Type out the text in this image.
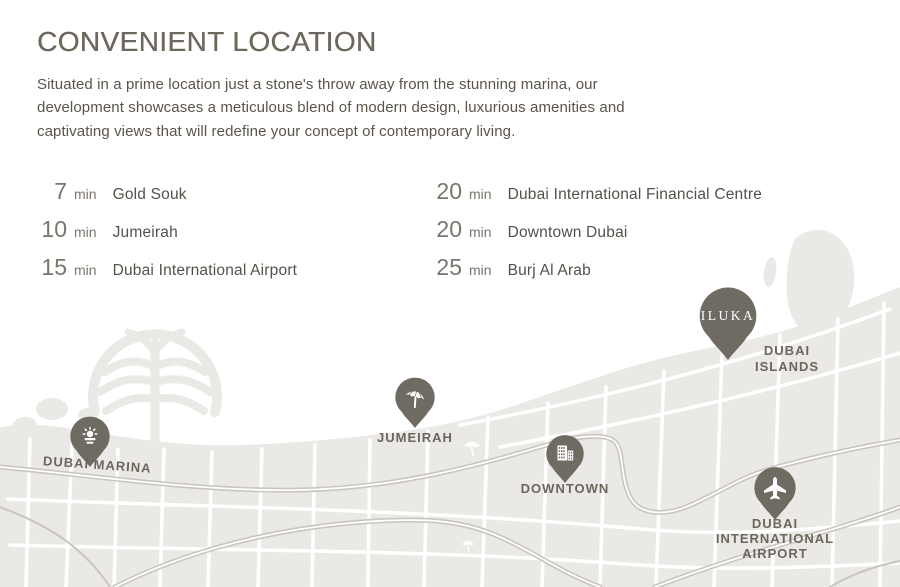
CONVENIENT LOCATION

Situated in a prime location just a stone's throw away from the stunning marina, our development showcases a meticulous blend of modern design, luxurious amenities and captivating views that will redefine your concept of contemporary living.

7 min Gold Souk
10 min Jumeirah
15 min Dubai International Airport
20 min Dubai International Financial Centre
20 min Downtown Dubai
25 min Burj Al Arab
ILUKA
DUBAI
ISLANDS
JUMEIRAH
DUBAI MARINA
DOWNTOWN
DUBAI
INTERNATIONAL
AIRPORT
